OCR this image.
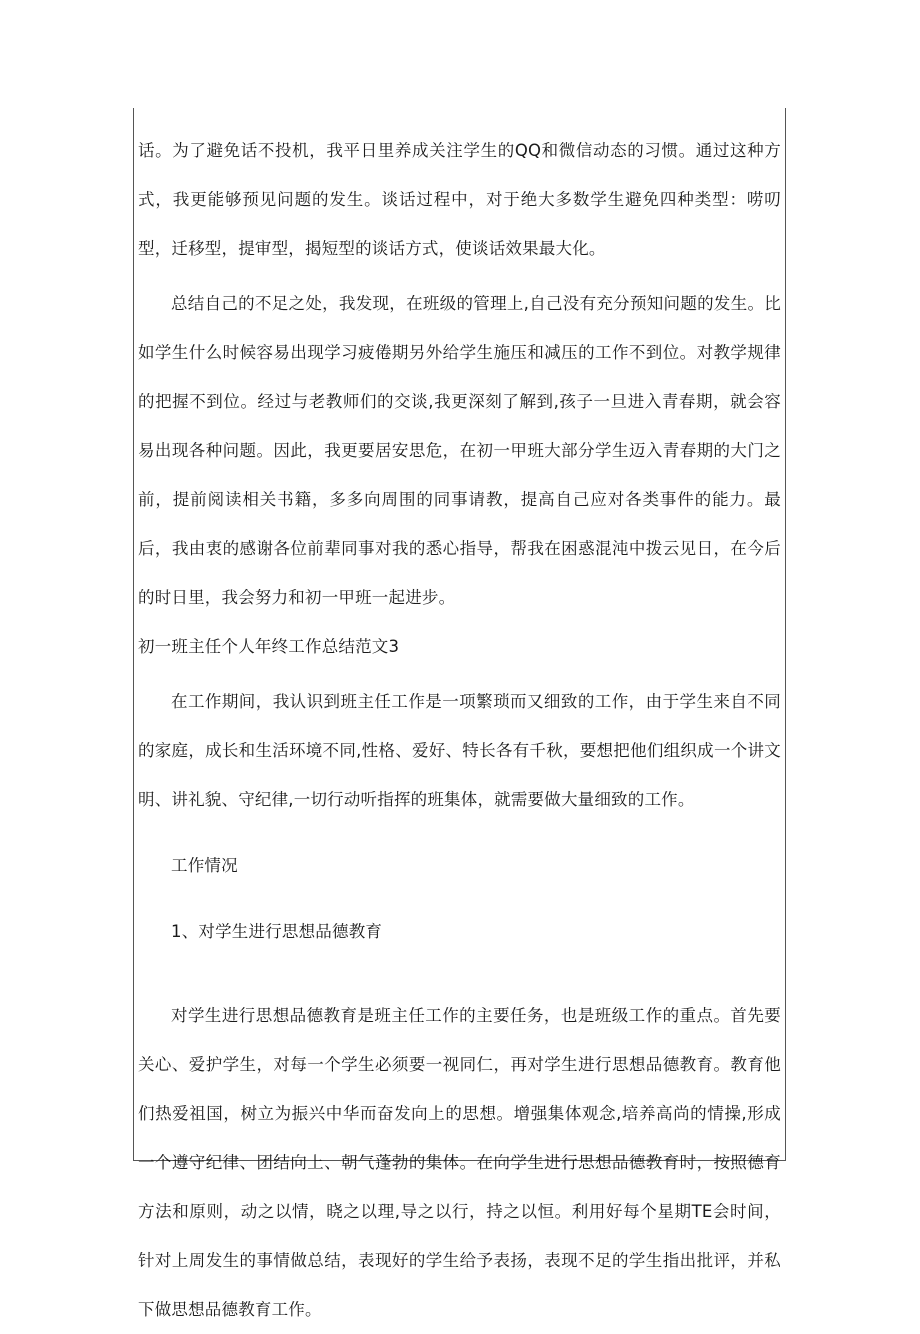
话。为了避免话不投机，我平日里养成关注学生的QQ和微信动态的习惯。通过这种方式，我更能够预见问题的发生。谈话过程中，对于绝大多数学生避免四种类型：唠叨型，迁移型，提审型，揭短型的谈话方式，使谈话效果最大化。

总结自己的不足之处，我发现，在班级的管理上,自己没有充分预知问题的发生。比如学生什么时候容易出现学习疲倦期另外给学生施压和减压的工作不到位。对教学规律的把握不到位。经过与老教师们的交谈,我更深刻了解到,孩子一旦进入青春期，就会容易出现各种问题。因此，我更要居安思危，在初一甲班大部分学生迈入青春期的大门之前，提前阅读相关书籍，多多向周围的同事请教，提高自己应对各类事件的能力。最后，我由衷的感谢各位前辈同事对我的悉心指导，帮我在困惑混沌中拨云见日，在今后的时日里，我会努力和初一甲班一起进步。

初一班主任个人年终工作总结范文3

在工作期间，我认识到班主任工作是一项繁琐而又细致的工作，由于学生来自不同的家庭，成长和生活环境不同,性格、爱好、特长各有千秋，要想把他们组织成一个讲文明、讲礼貌、守纪律,一切行动听指挥的班集体，就需要做大量细致的工作。

工作情况

1、对学生进行思想品德教育

对学生进行思想品德教育是班主任工作的主要任务，也是班级工作的重点。首先要关心、爱护学生，对每一个学生必须要一视同仁，再对学生进行思想品德教育。教育他们热爱祖国，树立为振兴中华而奋发向上的思想。增强集体观念,培养高尚的情操,形成一个遵守纪律、团结向上、朝气蓬勃的集体。在向学生进行思想品德教育时，按照德育方法和原则，动之以情，晓之以理,导之以行，持之以恒。利用好每个星期TE会时间，针对上周发生的事情做总结，表现好的学生给予表扬，表现不足的学生指出批评，并私下做思想品德教育工作。
